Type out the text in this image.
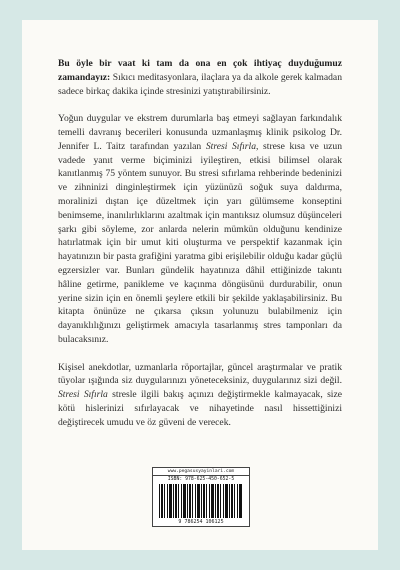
Bu öyle bir vaat ki tam da ona en çok ihtiyaç duyduğumuz zamandayız: Sıkıcı meditasyonlara, ilaçlara ya da alkole gerek kalmadan sadece birkaç dakika içinde stresinizi yatıştırabilirsiniz.

Yoğun duygular ve ekstrem durumlarla baş etmeyi sağlayan farkındalık temelli davranış becerileri konusunda uzmanlaşmış klinik psikolog Dr. Jennifer L. Taitz tarafından yazılan Stresi Sıfırla, strese kısa ve uzun vadede yanıt verme biçiminizi iyileştiren, etkisi bilimsel olarak kanıtlanmış 75 yöntem sunuyor. Bu stresi sıfırlama rehberinde bedeninizi ve zihninizi dinginleştirmek için yüzünüzü soğuk suya daldırma, moralinizi dıştan içe düzeltmek için yarı gülümseme konseptini benimseme, inanılırlıklarını azaltmak için mantıksız olumsuz düşünceleri şarkı gibi söyleme, zor anlarda nelerin mümkün olduğunu kendinize hatırlatmak için bir umut kiti oluşturma ve perspektif kazanmak için hayatınızın bir pasta grafiğini yaratma gibi erişilebilir olduğu kadar güçlü egzersizler var. Bunları gündelik hayatınıza dâhil ettiğinizde takıntı hâline getirme, panikleme ve kaçınma döngüsünü durdurabilir, onun yerine sizin için en önemli şeylere etkili bir şekilde yaklaşabilirsiniz. Bu kitapta önünüze ne çıkarsa çıksın yolunuzu bulabilmeniz için dayanıklılığınızı geliştirmek amacıyla tasarlanmış stres tamponları da bulacaksınız.

Kişisel anekdotlar, uzmanlarla röportajlar, güncel araştırmalar ve pratik tüyolar ışığında siz duygularınızı yöneteceksiniz, duygularınız sizi değil. Stresi Sıfırla stresle ilgili bakış açınızı değiştirmekle kalmayacak, size kötü hislerinizi sıfırlayacak ve nihayetinde nasıl hissettiğinizi değiştirecek umudu ve öz güveni de verecek.

www.pegasusyayinlari.com
ISBN: 978-625-450-652-5
9 786254 106125
